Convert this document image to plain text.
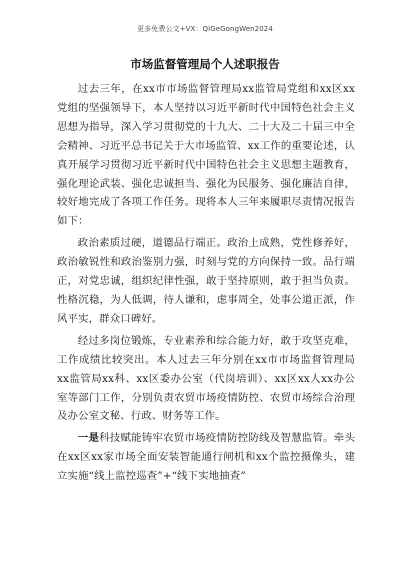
更多免费公文+VX：QiGeGongWen2024
市场监督管理局个人述职报告

过去三年，在xx市市场监督管理局xx监管局党组和xx区xx党组的坚强领导下，本人坚持以习近平新时代中国特色社会主义思想为指导，深入学习贯彻党的十九大、二十大及二十届三中全会精神、习近平总书记关于大市场监管、xx工作的重要论述，认真开展学习贯彻习近平新时代中国特色社会主义思想主题教育，强化理论武装、强化忠诚担当、强化为民服务、强化廉洁自律，较好地完成了各项工作任务。现将本人三年来履职尽责情况报告如下：

政治素质过硬，道德品行端正。政治上成熟，党性修养好，政治敏锐性和政治鉴别力强，时刻与党的方向保持一致。品行端正，对党忠诚，组织纪律性强，敢于坚持原则，敢于担当负责。性格沉稳，为人低调，待人谦和，虑事周全，处事公道正派，作风平实，群众口碑好。

经过多岗位锻炼，专业素养和综合能力好，敢于攻坚克难，工作成绩比较突出。本人过去三年分别在xx市市场监督管理局xx监管局xx科、xx区委办公室（代岗培训）、xx区xx人xx办公室等部门工作，分别负责农贸市场疫情防控、农贸市场综合治理及办公室文秘、行政、财务等工作。

一是科技赋能铸牢农贸市场疫情防控防线及智慧监管。牵头在xx区xx家市场全面安装智能通行闸机和xx个监控摄像头，建立实施“线上监控巡查”+“线下实地抽查”
